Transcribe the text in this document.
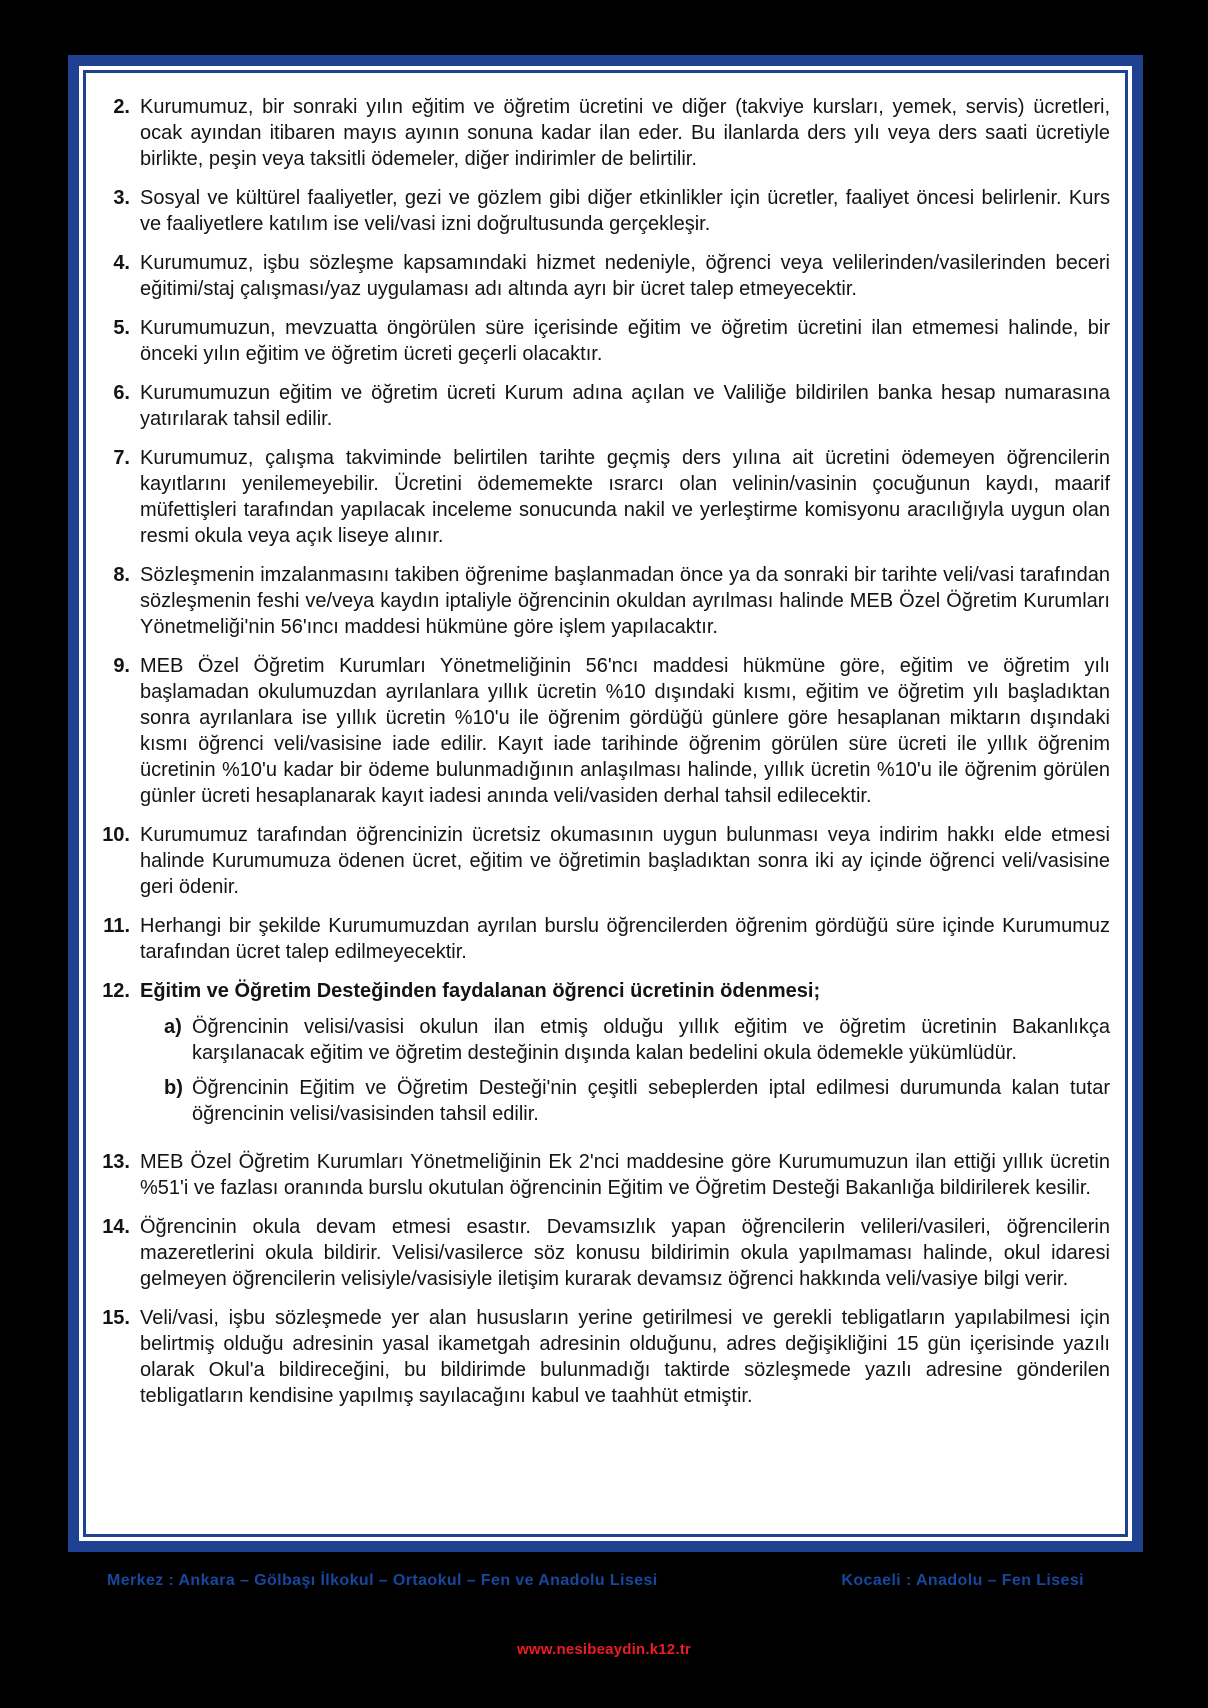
2. Kurumumuz, bir sonraki yılın eğitim ve öğretim ücretini ve diğer (takviye kursları, yemek, servis) ücretleri, ocak ayından itibaren mayıs ayının sonuna kadar ilan eder. Bu ilanlarda ders yılı veya ders saati ücretiyle birlikte, peşin veya taksitli ödemeler, diğer indirimler de belirtilir.

3. Sosyal ve kültürel faaliyetler, gezi ve gözlem gibi diğer etkinlikler için ücretler, faaliyet öncesi belirlenir. Kurs ve faaliyetlere katılım ise veli/vasi izni doğrultusunda gerçekleşir.

4. Kurumumuz, işbu sözleşme kapsamındaki hizmet nedeniyle, öğrenci veya velilerinden/vasilerinden beceri eğitimi/staj çalışması/yaz uygulaması adı altında ayrı bir ücret talep etmeyecektir.

5. Kurumumuzun, mevzuatta öngörülen süre içerisinde eğitim ve öğretim ücretini ilan etmemesi halinde, bir önceki yılın eğitim ve öğretim ücreti geçerli olacaktır.

6. Kurumumuzun eğitim ve öğretim ücreti Kurum adına açılan ve Valiliğe bildirilen banka hesap numarasına yatırılarak tahsil edilir.

7. Kurumumuz, çalışma takviminde belirtilen tarihte geçmiş ders yılına ait ücretini ödemeyen öğrencilerin kayıtlarını yenilemeyebilir. Ücretini ödememekte ısrarcı olan velinin/vasinin çocuğunun kaydı, maarif müfettişleri tarafından yapılacak inceleme sonucunda nakil ve yerleştirme komisyonu aracılığıyla uygun olan resmi okula veya açık liseye alınır.

8. Sözleşmenin imzalanmasını takiben öğrenime başlanmadan önce ya da sonraki bir tarihte veli/vasi tarafından sözleşmenin feshi ve/veya kaydın iptaliyle öğrencinin okuldan ayrılması halinde MEB Özel Öğretim Kurumları Yönetmeliği'nin 56'ıncı maddesi hükmüne göre işlem yapılacaktır.

9. MEB Özel Öğretim Kurumları Yönetmeliğinin 56'ncı maddesi hükmüne göre, eğitim ve öğretim yılı başlamadan okulumuzdan ayrılanlara yıllık ücretin %10 dışındaki kısmı, eğitim ve öğretim yılı başladıktan sonra ayrılanlara ise yıllık ücretin %10'u ile öğrenim gördüğü günlere göre hesaplanan miktarın dışındaki kısmı öğrenci veli/vasisine iade edilir. Kayıt iade tarihinde öğrenim görülen süre ücreti ile yıllık öğrenim ücretinin %10'u kadar bir ödeme bulunmadığının anlaşılması halinde, yıllık ücretin %10'u ile öğrenim görülen günler ücreti hesaplanarak kayıt iadesi anında veli/vasiden derhal tahsil edilecektir.

10. Kurumumuz tarafından öğrencinizin ücretsiz okumasının uygun bulunması veya indirim hakkı elde etmesi halinde Kurumumuza ödenen ücret, eğitim ve öğretimin başladıktan sonra iki ay içinde öğrenci veli/vasisine geri ödenir.

11. Herhangi bir şekilde Kurumumuzdan ayrılan burslu öğrencilerden öğrenim gördüğü süre içinde Kurumumuz tarafından ücret talep edilmeyecektir.

12. Eğitim ve Öğretim Desteğinden faydalanan öğrenci ücretinin ödenmesi;

a) Öğrencinin velisi/vasisi okulun ilan etmiş olduğu yıllık eğitim ve öğretim ücretinin Bakanlıkça karşılanacak eğitim ve öğretim desteğinin dışında kalan bedelini okula ödemekle yükümlüdür.

b) Öğrencinin Eğitim ve Öğretim Desteği'nin çeşitli sebeplerden iptal edilmesi durumunda kalan tutar öğrencinin velisi/vasisinden tahsil edilir.

13. MEB Özel Öğretim Kurumları Yönetmeliğinin Ek 2'nci maddesine göre Kurumumuzun ilan ettiği yıllık ücretin %51'i ve fazlası oranında burslu okutulan öğrencinin Eğitim ve Öğretim Desteği Bakanlığa bildirilerek kesilir.

14. Öğrencinin okula devam etmesi esastır. Devamsızlık yapan öğrencilerin velileri/vasileri, öğrencilerin mazeretlerini okula bildirir. Velisi/vasilerce söz konusu bildirimin okula yapılmaması halinde, okul idaresi gelmeyen öğrencilerin velisiyle/vasisiyle iletişim kurarak devamsız öğrenci hakkında veli/vasiye bilgi verir.

15. Veli/vasi, işbu sözleşmede yer alan hususların yerine getirilmesi ve gerekli tebligatların yapılabilmesi için belirtmiş olduğu adresinin yasal ikametgah adresinin olduğunu, adres değişikliğini 15 gün içerisinde yazılı olarak Okul'a bildireceğini, bu bildirimde bulunmadığı taktirde sözleşmede yazılı adresine gönderilen tebligatların kendisine yapılmış sayılacağını kabul ve taahhüt etmiştir.

Merkez : Ankara – Gölbaşı İlkokul – Ortaokul – Fen ve Anadolu Lisesi	Kocaeli : Anadolu – Fen Lisesi
www.nesibeaydin.k12.tr
